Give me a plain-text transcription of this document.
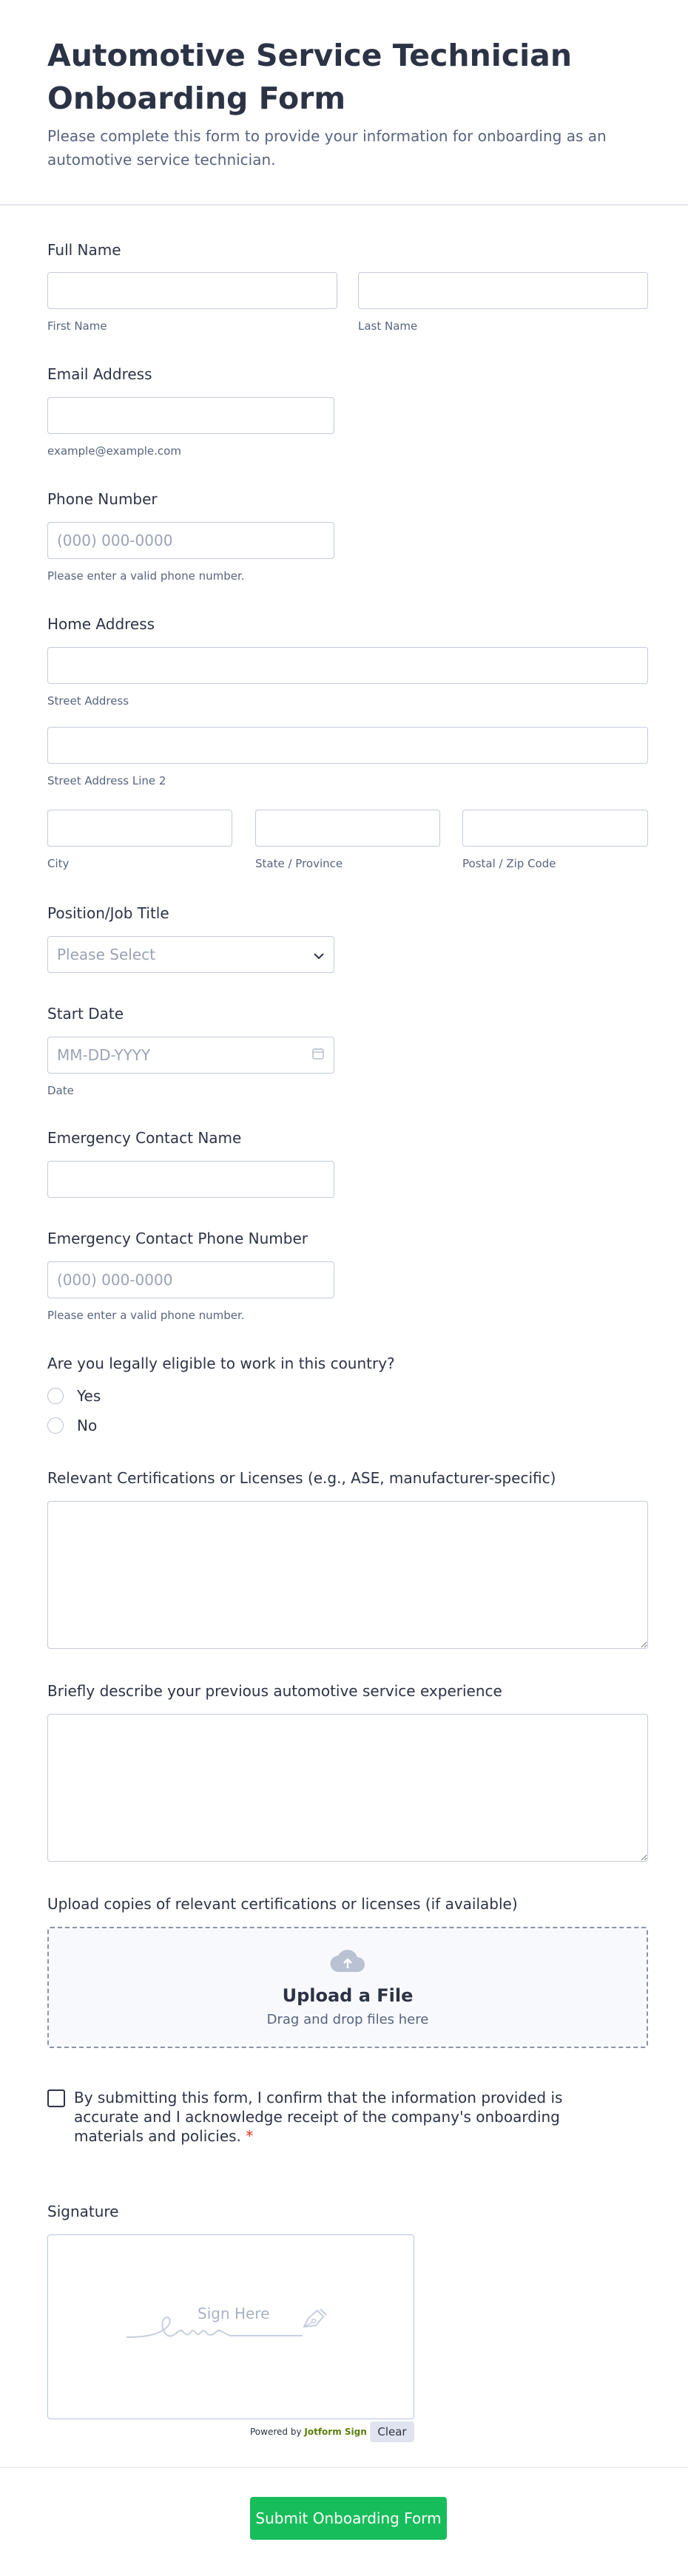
Automotive Service Technician Onboarding Form
Please complete this form to provide your information for onboarding as an automotive service technician.
Full Name
First Name	Last Name
Email Address
example@example.com
Phone Number
(000) 000-0000
Please enter a valid phone number.
Home Address
Street Address
Street Address Line 2
City	State / Province	Postal / Zip Code
Position/Job Title
Please Select
Start Date
MM-DD-YYYY
Date
Emergency Contact Name
Emergency Contact Phone Number
(000) 000-0000
Please enter a valid phone number.
Are you legally eligible to work in this country?
Yes
No
Relevant Certifications or Licenses (e.g., ASE, manufacturer-specific)
Briefly describe your previous automotive service experience
Upload copies of relevant certifications or licenses (if available)
Upload a File
Drag and drop files here
By submitting this form, I confirm that the information provided is accurate and I acknowledge receipt of the company's onboarding materials and policies. *
Signature
Sign Here
Powered by Jotform Sign Clear
Submit Onboarding Form
